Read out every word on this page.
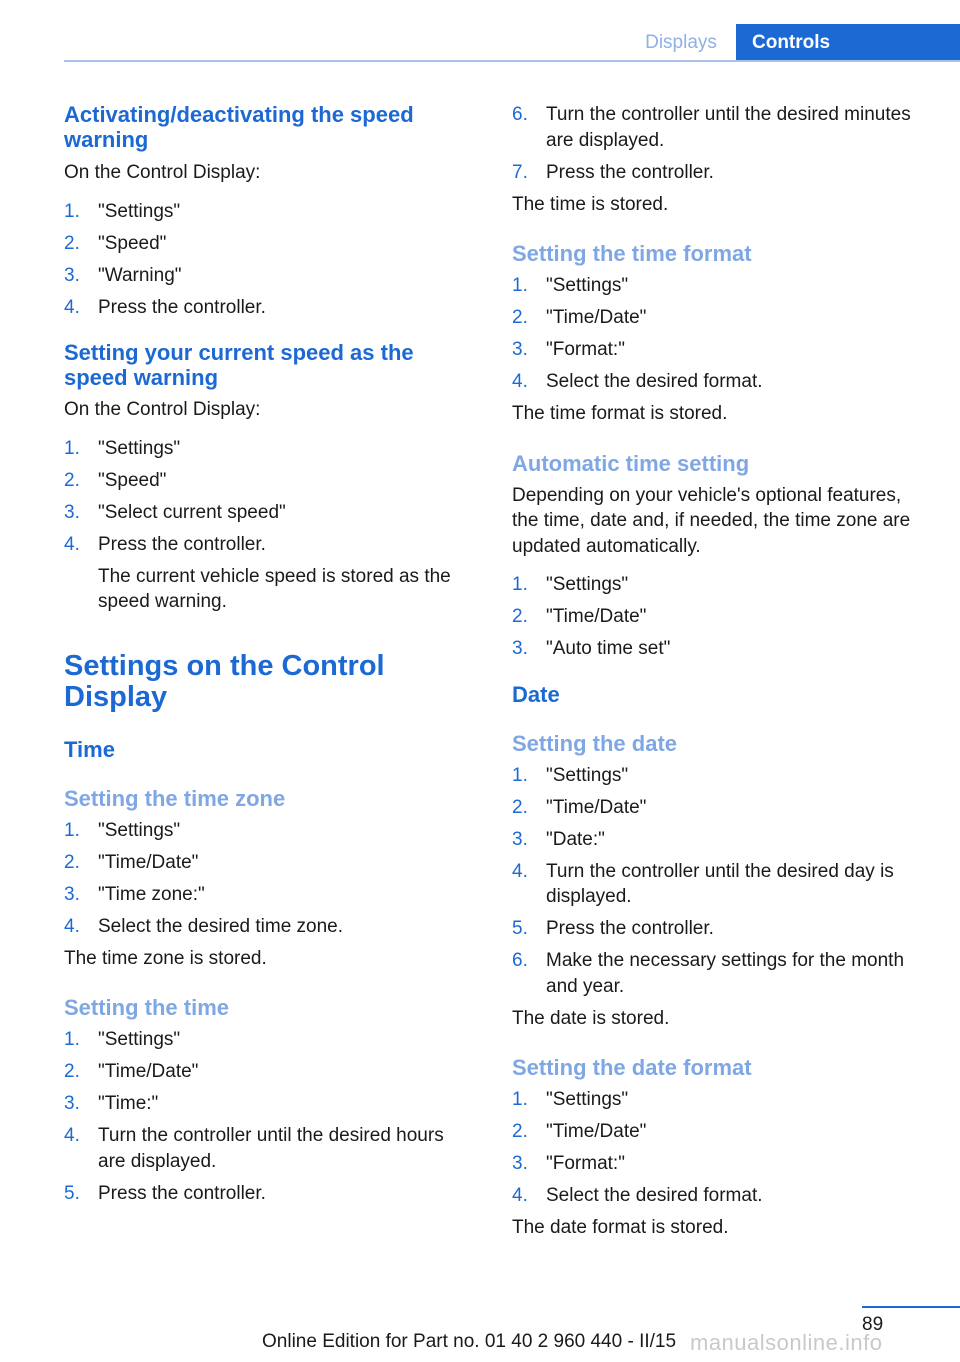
Displays	Controls
Activating/deactivating the speed warning

On the Control Display:

1. "Settings"
2. "Speed"
3. "Warning"
4. Press the controller.
Setting your current speed as the speed warning

On the Control Display:

1. "Settings"
2. "Speed"
3. "Select current speed"
4. Press the controller.

The current vehicle speed is stored as the speed warning.

Settings on the Control Display
Time
Setting the time zone
1. "Settings"
2. "Time/Date"
3. "Time zone:"
4. Select the desired time zone.

The time zone is stored.

Setting the time
1. "Settings"
2. "Time/Date"
3. "Time:"
4. Turn the controller until the desired hours are displayed.
5. Press the controller.
6. Turn the controller until the desired minutes are displayed.
7. Press the controller.

The time is stored.

Setting the time format
1. "Settings"
2. "Time/Date"
3. "Format:"
4. Select the desired format.

The time format is stored.

Automatic time setting

Depending on your vehicle's optional features, the time, date and, if needed, the time zone are updated automatically.

1. "Settings"
2. "Time/Date"
3. "Auto time set"
Date
Setting the date
1. "Settings"
2. "Time/Date"
3. "Date:"
4. Turn the controller until the desired day is displayed.
5. Press the controller.
6. Make the necessary settings for the month and year.

The date is stored.

Setting the date format
1. "Settings"
2. "Time/Date"
3. "Format:"
4. Select the desired format.

The date format is stored.

89
Online Edition for Part no. 01 40 2 960 440 - II/15 manualsonline.info
